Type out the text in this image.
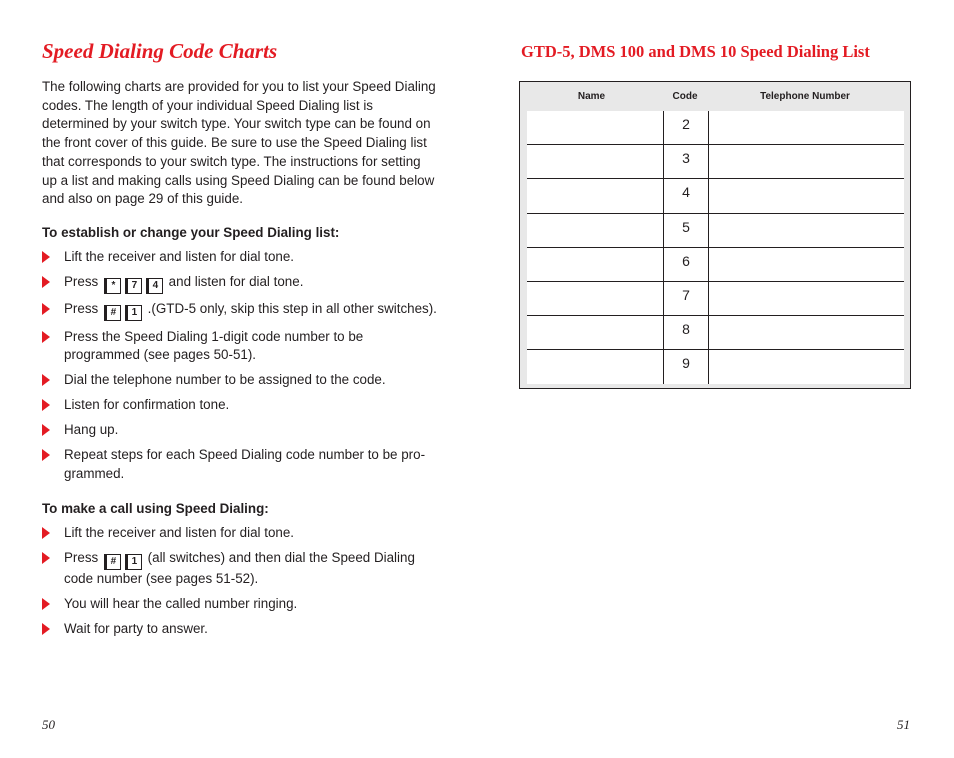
Speed Dialing Code Charts

The following charts are provided for you to list your Speed Dialing codes. The length of your individual Speed Dialing list is determined by your switch type. Your switch type can be found on the front cover of this guide. Be sure to use the Speed Dialing list that corresponds to your switch type. The instructions for setting up a list and making calls using Speed Dialing can be found below and also on page 29 of this guide.

To establish or change your Speed Dialing list:
Lift the receiver and listen for dial tone.
Press * 7 4 and listen for dial tone.
Press # 1 .(GTD-5 only, skip this step in all other switches).
Press the Speed Dialing 1-digit code number to be programmed (see pages 50-51).
Dial the telephone number to be assigned to the code.
Listen for confirmation tone.
Hang up.
Repeat steps for each Speed Dialing code number to be pro-grammed.
To make a call using Speed Dialing:
Lift the receiver and listen for dial tone.
Press # 1 (all switches) and then dial the Speed Dialing code number (see pages 51-52).
You will hear the called number ringing.
Wait for party to answer.
GTD-5, DMS 100 and DMS 10 Speed Dialing List
Name	Code	Telephone Number
2
3
4
5
6
7
8
9
50	51
